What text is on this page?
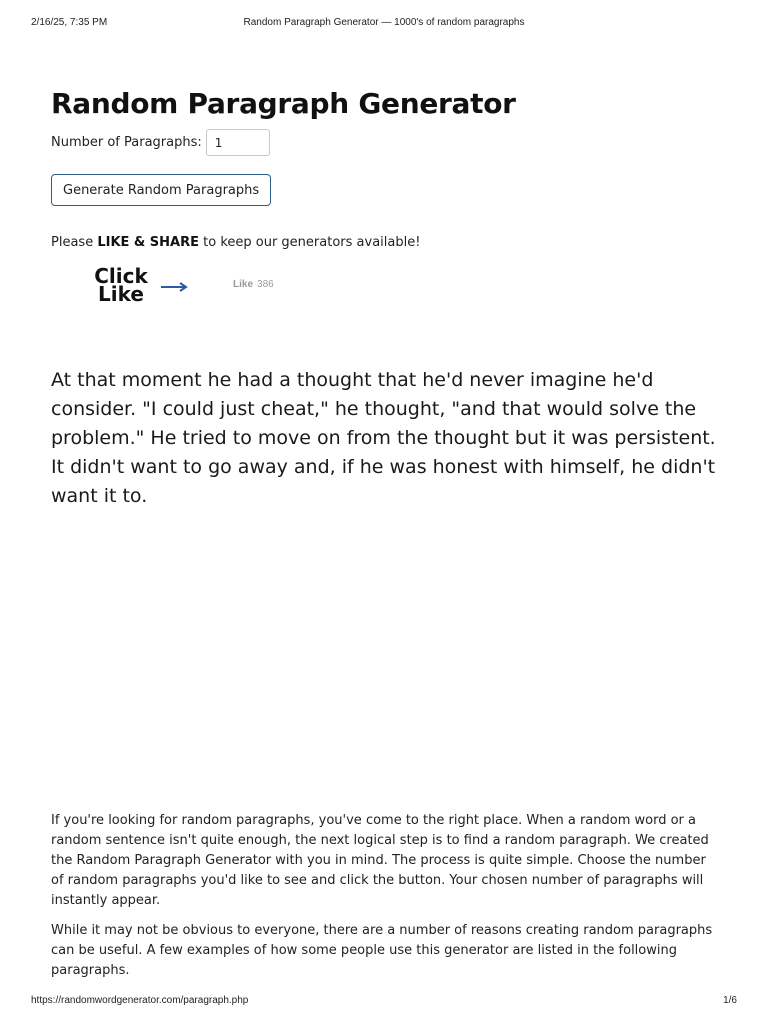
2/16/25, 7:35 PM	Random Paragraph Generator — 1000's of random paragraphs
Random Paragraph Generator
Number of Paragraphs:
1
Generate Random Paragraphs
Please LIKE & SHARE to keep our generators available!
Click
Like	Like 386

At that moment he had a thought that he'd never imagine he'd consider. "I could just cheat," he thought, "and that would solve the problem." He tried to move on from the thought but it was persistent. It didn't want to go away and, if he was honest with himself, he didn't want it to.

If you're looking for random paragraphs, you've come to the right place. When a random word or a random sentence isn't quite enough, the next logical step is to find a random paragraph. We created the Random Paragraph Generator with you in mind. The process is quite simple. Choose the number of random paragraphs you'd like to see and click the button. Your chosen number of paragraphs will instantly appear.

While it may not be obvious to everyone, there are a number of reasons creating random paragraphs can be useful. A few examples of how some people use this generator are listed in the following paragraphs.

https://randomwordgenerator.com/paragraph.php	1/6
